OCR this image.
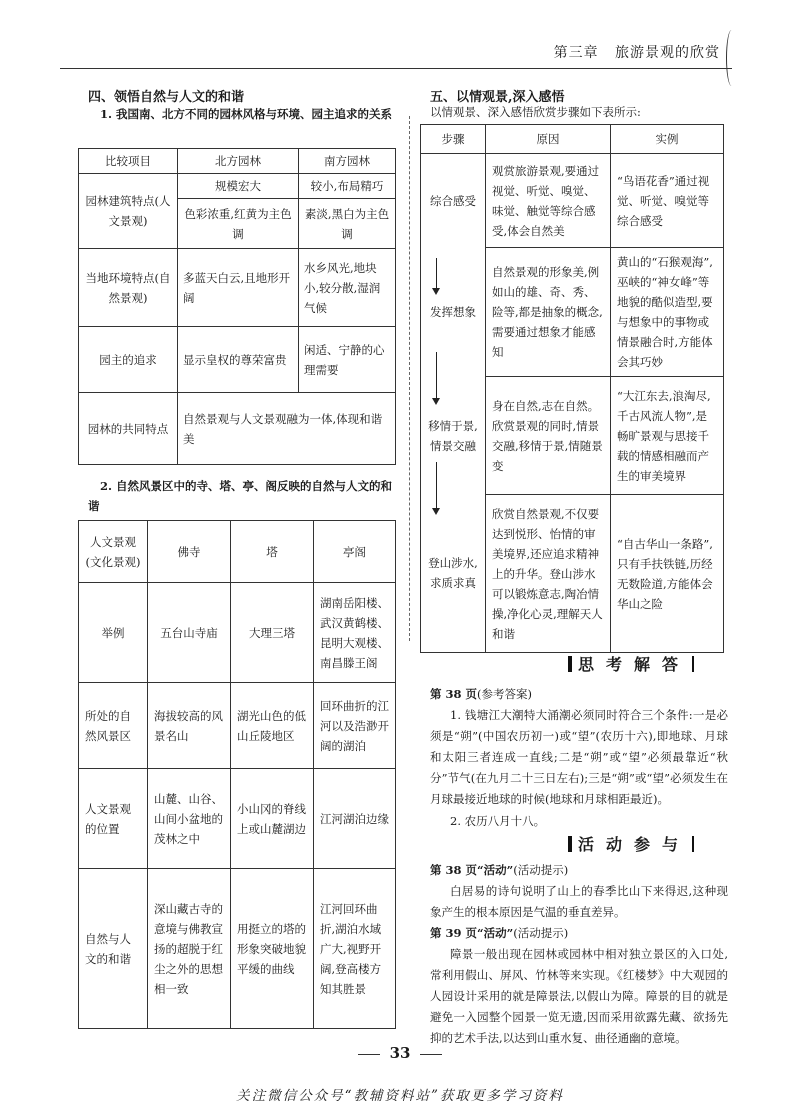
第三章 旅游景观的欣赏
四、领悟自然与人文的和谐
1. 我国南、北方不同的园林风格与环境、园主追求的关系
比较项目	北方园林	南方园林
园林建筑特点(人文景观)	规模宏大	较小,布局精巧
	色彩浓重,红黄为主色调	素淡,黑白为主色调
当地环境特点(自然景观)	多蓝天白云,且地形开阔	水乡风光,地块小,较分散,湿润气候
园主的追求	显示皇权的尊荣富贵	闲适、宁静的心理需要
园林的共同特点	自然景观与人文景观融为一体,体现和谐美	
2. 自然风景区中的寺、塔、亭、阁反映的自然与人文的和谐
人文景观(文化景观)	佛寺	塔	亭阁
举例	五台山寺庙	大理三塔	湖南岳阳楼、武汉黄鹤楼、昆明大观楼、南昌滕王阁
所处的自然风景区	海拔较高的风景名山	湖光山色的低山丘陵地区	回环曲折的江河以及浩渺开阔的湖泊
人文景观的位置	山麓、山谷、山间小盆地的茂林之中	小山冈的脊线上或山麓湖边	江河湖泊边缘
自然与人文的和谐	深山藏古寺的意境与佛教宣扬的超脱于红尘之外的思想相一致	用挺立的塔的形象突破地貌平缓的曲线	江河回环曲折,湖泊水域广大,视野开阔,登高楼方知其胜景
五、以情观景,深入感悟
以情观景、深入感悟欣赏步骤如下表所示:
步骤	原因	实例
综合感受	观赏旅游景观,要通过视觉、听觉、嗅觉、味觉、触觉等综合感受,体会自然美	“鸟语花香”通过视觉、听觉、嗅觉等综合感受
发挥想象	自然景观的形象美,例如山的雄、奇、秀、险等,都是抽象的概念,需要通过想象才能感知	黄山的“石猴观海”,巫峡的“神女峰”等地貌的酷似造型,要与想象中的事物或情景融合时,方能体会其巧妙
移情于景,情景交融	身在自然,志在自然。欣赏景观的同时,情景交融,移情于景,情随景变	“大江东去,浪淘尽,千古风流人物”,是畅旷景观与思接千载的情感相融而产生的审美境界
登山涉水,求质求真	欣赏自然景观,不仅要达到悦形、怡情的审美境界,还应追求精神上的升华。登山涉水可以锻炼意志,陶冶情操,净化心灵,理解天人和谐	“自古华山一条路”,只有手扶铁链,历经无数险道,方能体会华山之险
思考解答
第 38 页(参考答案)
1. 钱塘江大潮特大涌潮必须同时符合三个条件:一是必须是“朔”(中国农历初一)或“望”(农历十六),即地球、月球和太阳三者连成一直线;二是“朔”或“望”必须最靠近“秋分”节气(在九月二十三日左右);三是“朔”或“望”必须发生在月球最接近地球的时候(地球和月球相距最近)。
2. 农历八月十八。
活动参与
第 38 页“活动”(活动提示)
白居易的诗句说明了山上的春季比山下来得迟,这种现象产生的根本原因是气温的垂直差异。
第 39 页“活动”(活动提示)
障景一般出现在园林或园林中相对独立景区的入口处,常利用假山、屏风、竹林等来实现。《红楼梦》中大观园的人园设计采用的就是障景法,以假山为障。障景的目的就是避免一入园整个园景一览无遗,因而采用欲露先藏、欲扬先抑的艺术手法,以达到山重水复、曲径通幽的意境。
33
关注微信公众号“教辅资料站”获取更多学习资料
